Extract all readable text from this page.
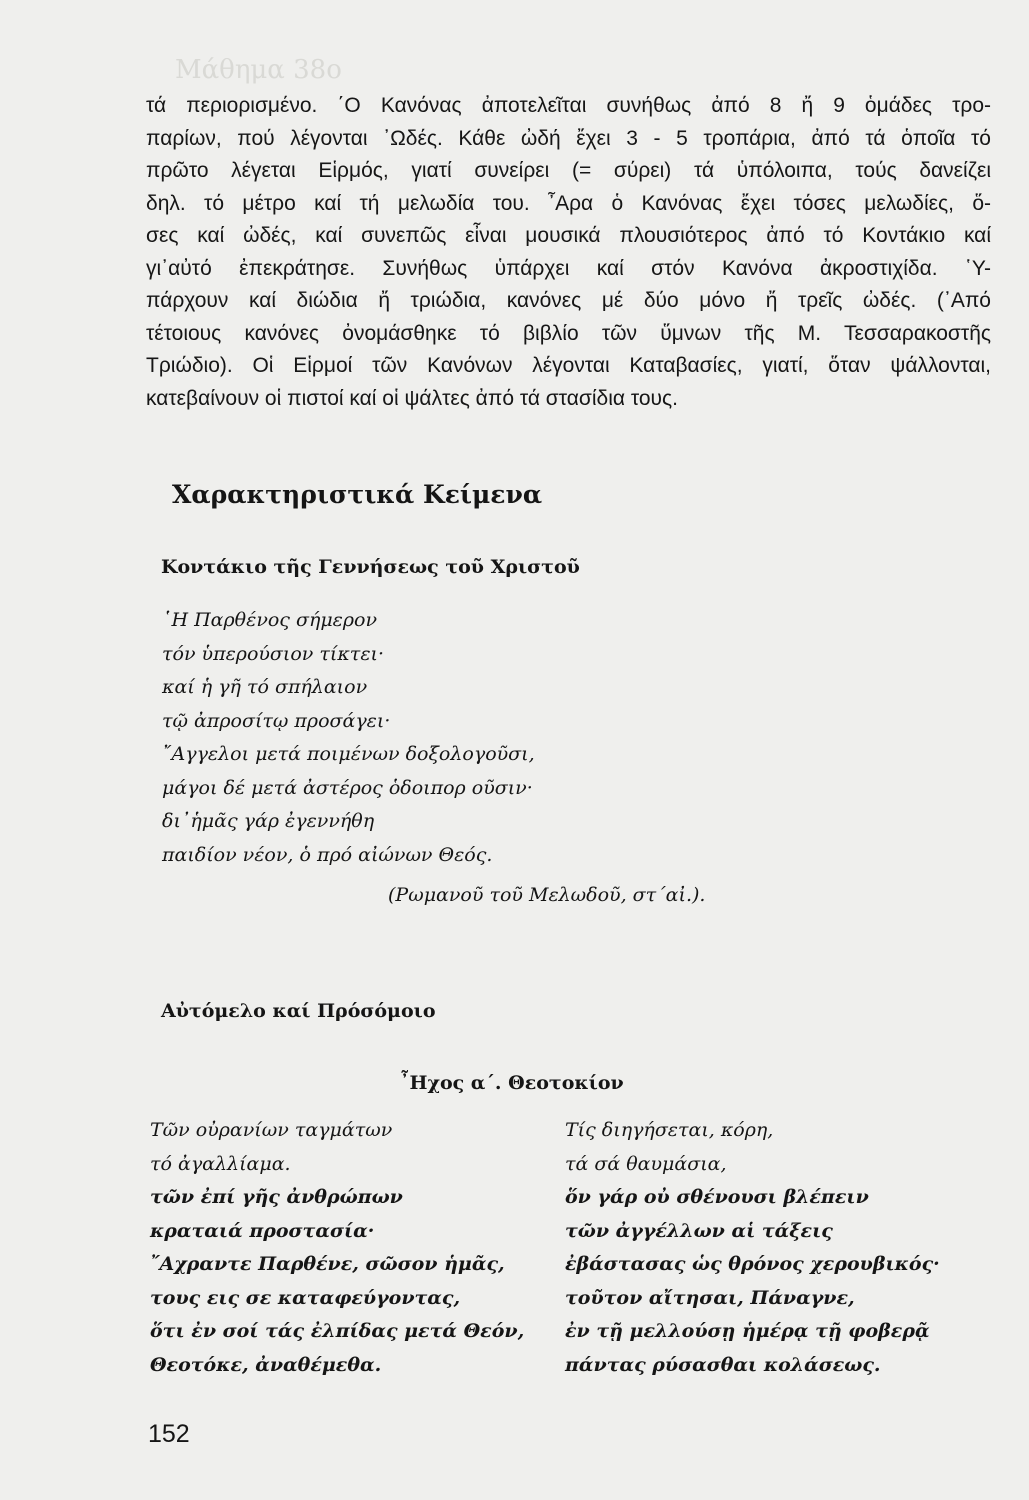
Μάθημα 38ο
τά περιορισμένο. ΄Ο Κανόνας ἀποτελεῖται συνήθως ἀπό 8 ἤ 9 ὁμάδες τρο-
παρίων, πού λέγονται ᾿Ωδές. Κάθε ὠδή ἔχει 3 - 5 τροπάρια, ἀπό τά ὁποῖα τό
πρῶτο λέγεται Εἱρμός, γιατί συνείρει (= σύρει) τά ὑπόλοιπα, τούς δανείζει
δηλ. τό μέτρο καί τή μελωδία του. ῏Αρα ὁ Κανόνας ἔχει τόσες μελωδίες, ὅ-
σες καί ὠδές, καί συνεπῶς εἶναι μουσικά πλουσιότερος ἀπό τό Κοντάκιο καί
γι᾿αὐτό ἐπεκράτησε. Συνήθως ὑπάρχει καί στόν Κανόνα ἀκροστιχίδα. ῾Υ-
πάρχουν καί διώδια ἤ τριώδια, κανόνες μέ δύο μόνο ἤ τρεῖς ὠδές. (᾿Από
τέτοιους κανόνες ὀνομάσθηκε τό βιβλίο τῶν ὕμνων τῆς Μ. Τεσσαρακοστῆς
Τριώδιο). Οἱ Εἱρμοί τῶν Κανόνων λέγονται Καταβασίες, γιατί, ὅταν ψάλλονται,
κατεβαίνουν οἱ πιστοί καί οἱ ψάλτες ἀπό τά στασίδια τους.
Χαρακτηριστικά Κείμενα
Κοντάκιο τῆς Γεννήσεως τοῦ Χριστοῦ
῾Η Παρθένος σήμερον
τόν ὑπερούσιον τίκτει·
καί ἡ γῆ τό σπήλαιον
τῷ ἀπροσίτῳ προσάγει·
῎Αγγελοι μετά ποιμένων δοξολογοῦσι,
μάγοι δέ μετά ἀστέρος ὁδοιπορ οῦσιν·
δι᾿ἡμᾶς γάρ ἐγεννήθη
παιδίον νέον, ὁ πρό αἰώνων Θεός.
(Ρωμανοῦ τοῦ Μελωδοῦ, στ΄αἰ.).
Αὐτόμελο καί Πρόσόμοιο
῏Ηχος α΄. Θεοτοκίον
Τῶν οὐρανίων ταγμάτων
τό ἀγαλλίαμα.
τῶν ἐπί γῆς ἀνθρώπων
κραταιά προστασία·
῎Αχραντε Παρθένε, σῶσον ἡμᾶς,
τους εις σε καταφεύγοντας,
ὅτι ἐν σοί τάς ἐλπίδας μετά Θεόν,
Θεοτόκε, ἀναθέμεθα.
Τίς διηγήσεται, κόρη,
τά σά θαυμάσια,
ὅν γάρ οὐ σθένουσι βλέπειν
τῶν ἀγγέλλων αἱ τάξεις
ἐβάστασας ὡς θρόνος χερουβικός·
τοῦτον αἴτησαι, Πάναγνε,
ἐν τῇ μελλούσῃ ἡμέρᾳ τῇ φοβερᾷ
πάντας ρύσασθαι κολάσεως.
152
